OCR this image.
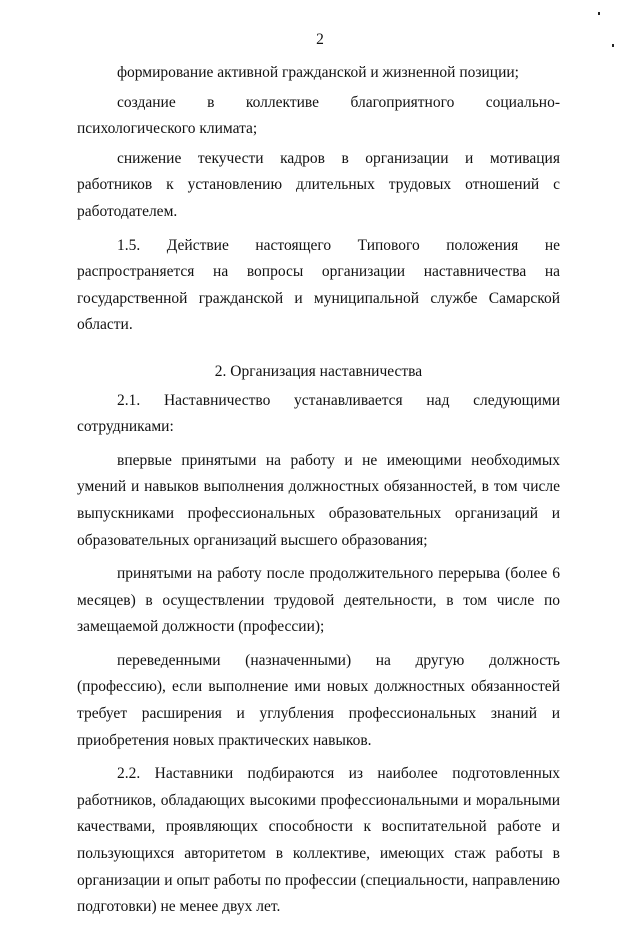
2

формирование активной гражданской и жизненной позиции;

создание в коллективе благоприятного социально-психологического климата;

снижение текучести кадров в организации и мотивация работников к установлению длительных трудовых отношений с работодателем.

1.5. Действие настоящего Типового положения не распространяется на вопросы организации наставничества на государственной гражданской и муниципальной службе Самарской области.

2. Организация наставничества
2.1. Наставничество устанавливается над следующими
сотрудниками:

впервые принятыми на работу и не имеющими необходимых умений и навыков выполнения должностных обязанностей, в том числе выпускниками профессиональных образовательных организаций и образовательных организаций высшего образования;

принятыми на работу после продолжительного перерыва (более 6 месяцев) в осуществлении трудовой деятельности, в том числе по замещаемой должности (профессии);

переведенными (назначенными) на другую должность (профессию), если выполнение ими новых должностных обязанностей требует расширения и углубления профессиональных знаний и приобретения новых практических навыков.

2.2. Наставники подбираются из наиболее подготовленных работников, обладающих высокими профессиональными и моральными качествами, проявляющих способности к воспитательной работе и пользующихся авторитетом в коллективе, имеющих стаж работы в организации и опыт работы по профессии (специальности, направлению подготовки) не менее двух лет.
